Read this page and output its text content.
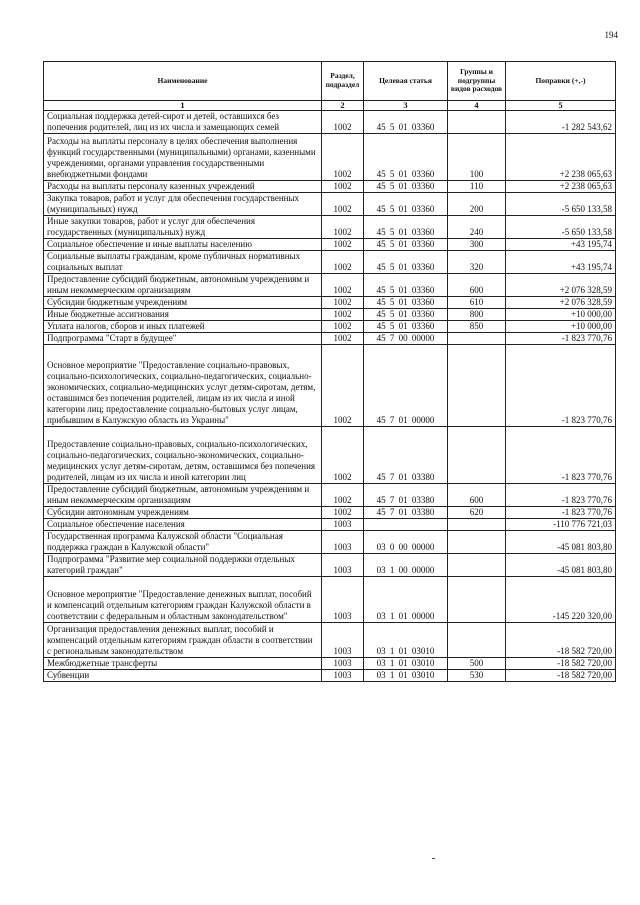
194
Наименование	Раздел, подраздел	Целевая статья	Группы и подгруппы видов расходов	Поправки (+,-)
1	2	3	4	5
Социальная поддержка детей-сирот и детей, оставшихся без попечения родителей, лиц из их числа и замещающих семей	1002	45 5 01 03360		-1 282 543,62
Расходы на выплаты персоналу в целях обеспечения выполнения функций государственными (муниципальными) органами, казенными учреждениями, органами управления государственными внебюджетными фондами	1002	45 5 01 03360	100	+2 238 065,63
Расходы на выплаты персоналу казенных учреждений	1002	45 5 01 03360	110	+2 238 065,63
Закупка товаров, работ и услуг для обеспечения государственных (муниципальных) нужд	1002	45 5 01 03360	200	-5 650 133,58
Иные закупки товаров, работ и услуг для обеспечения государственных (муниципальных) нужд	1002	45 5 01 03360	240	-5 650 133,58
Социальное обеспечение и иные выплаты населению	1002	45 5 01 03360	300	+43 195,74
Социальные выплаты гражданам, кроме публичных нормативных социальных выплат	1002	45 5 01 03360	320	+43 195,74
Предоставление субсидий бюджетным, автономным учреждениям и иным некоммерческим организациям	1002	45 5 01 03360	600	+2 076 328,59
Субсидии бюджетным учреждениям	1002	45 5 01 03360	610	+2 076 328,59
Иные бюджетные ассигнования	1002	45 5 01 03360	800	+10 000,00
Уплата налогов, сборов и иных платежей	1002	45 5 01 03360	850	+10 000,00
Подпрограмма "Старт в будущее"	1002	45 7 00 00000		-1 823 770,76
Основное мероприятие "Предоставление социально-правовых, социально-психологических, социально-педагогических, социально-экономических, социально-медицинских услуг детям-сиротам, детям, оставшимся без попечения родителей, лицам из их числа и иной категории лиц; предоставление социально-бытовых услуг лицам, прибывшим в Калужскую область из Украины"	1002	45 7 01 00000		-1 823 770,76
Предоставление социально-правовых, социально-психологических, социально-педагогических, социально-экономических, социально-медицинских услуг детям-сиротам, детям, оставшимся без попечения родителей, лицам из их числа и иной категории лиц	1002	45 7 01 03380		-1 823 770,76
Предоставление субсидий бюджетным, автономным учреждениям и иным некоммерческим организациям	1002	45 7 01 03380	600	-1 823 770,76
Субсидии автономным учреждениям	1002	45 7 01 03380	620	-1 823 770,76
Социальное обеспечение населения	1003			-110 776 721,03
Государственная программа Калужской области "Социальная поддержка граждан в Калужской области"	1003	03 0 00 00000		-45 081 803,80
Подпрограмма "Развитие мер социальной поддержки отдельных категорий граждан"	1003	03 1 00 00000		-45 081 803,80
Основное мероприятие "Предоставление денежных выплат, пособий и компенсаций отдельным категориям граждан Калужской области в соответствии с федеральным и областным законодательством"	1003	03 1 01 00000		-145 220 320,00
Организация предоставления денежных выплат, пособий и компенсаций отдельным категориям граждан области в соответствии с региональным законодательством	1003	03 1 01 03010		-18 582 720,00
Межбюджетные трансферты	1003	03 1 01 03010	500	-18 582 720,00
Субвенции	1003	03 1 01 03010	530	-18 582 720,00
